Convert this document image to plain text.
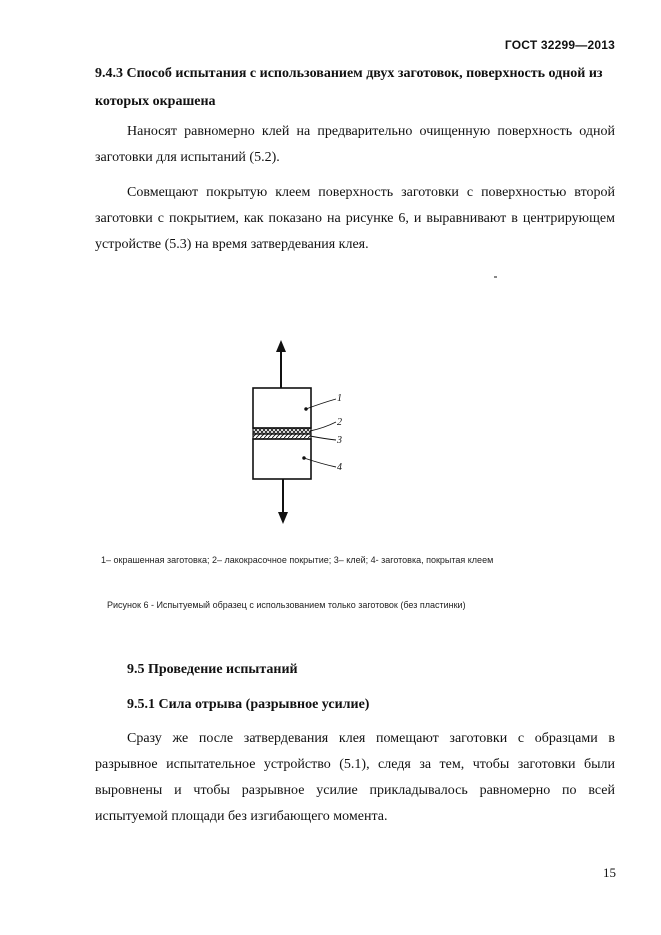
ГОСТ 32299—2013
9.4.3 Способ испытания с использованием двух заготовок, поверхность одной из которых окрашена
Наносят равномерно клей на предварительно очищенную поверхность одной заготовки для испытаний (5.2).
Совмещают покрытую клеем поверхность заготовки с поверхностью второй заготовки с покрытием, как показано на рисунке 6, и выравнивают в центрирующем устройстве (5.3) на время затвердевания клея.
1
2
3
4
1– окрашенная заготовка; 2– лакокрасочное покрытие; 3– клей; 4- заготовка, покрытая клеем
Рисунок 6 - Испытуемый образец с использованием только заготовок (без пластинки)
9.5 Проведение испытаний
9.5.1 Сила отрыва (разрывное усилие)
Сразу же после затвердевания клея помещают заготовки с образцами в разрывное испытательное устройство (5.1), следя за тем, чтобы заготовки были выровнены и чтобы разрывное усилие прикладывалось равномерно по всей испытуемой площади без изгибающего момента.
15
